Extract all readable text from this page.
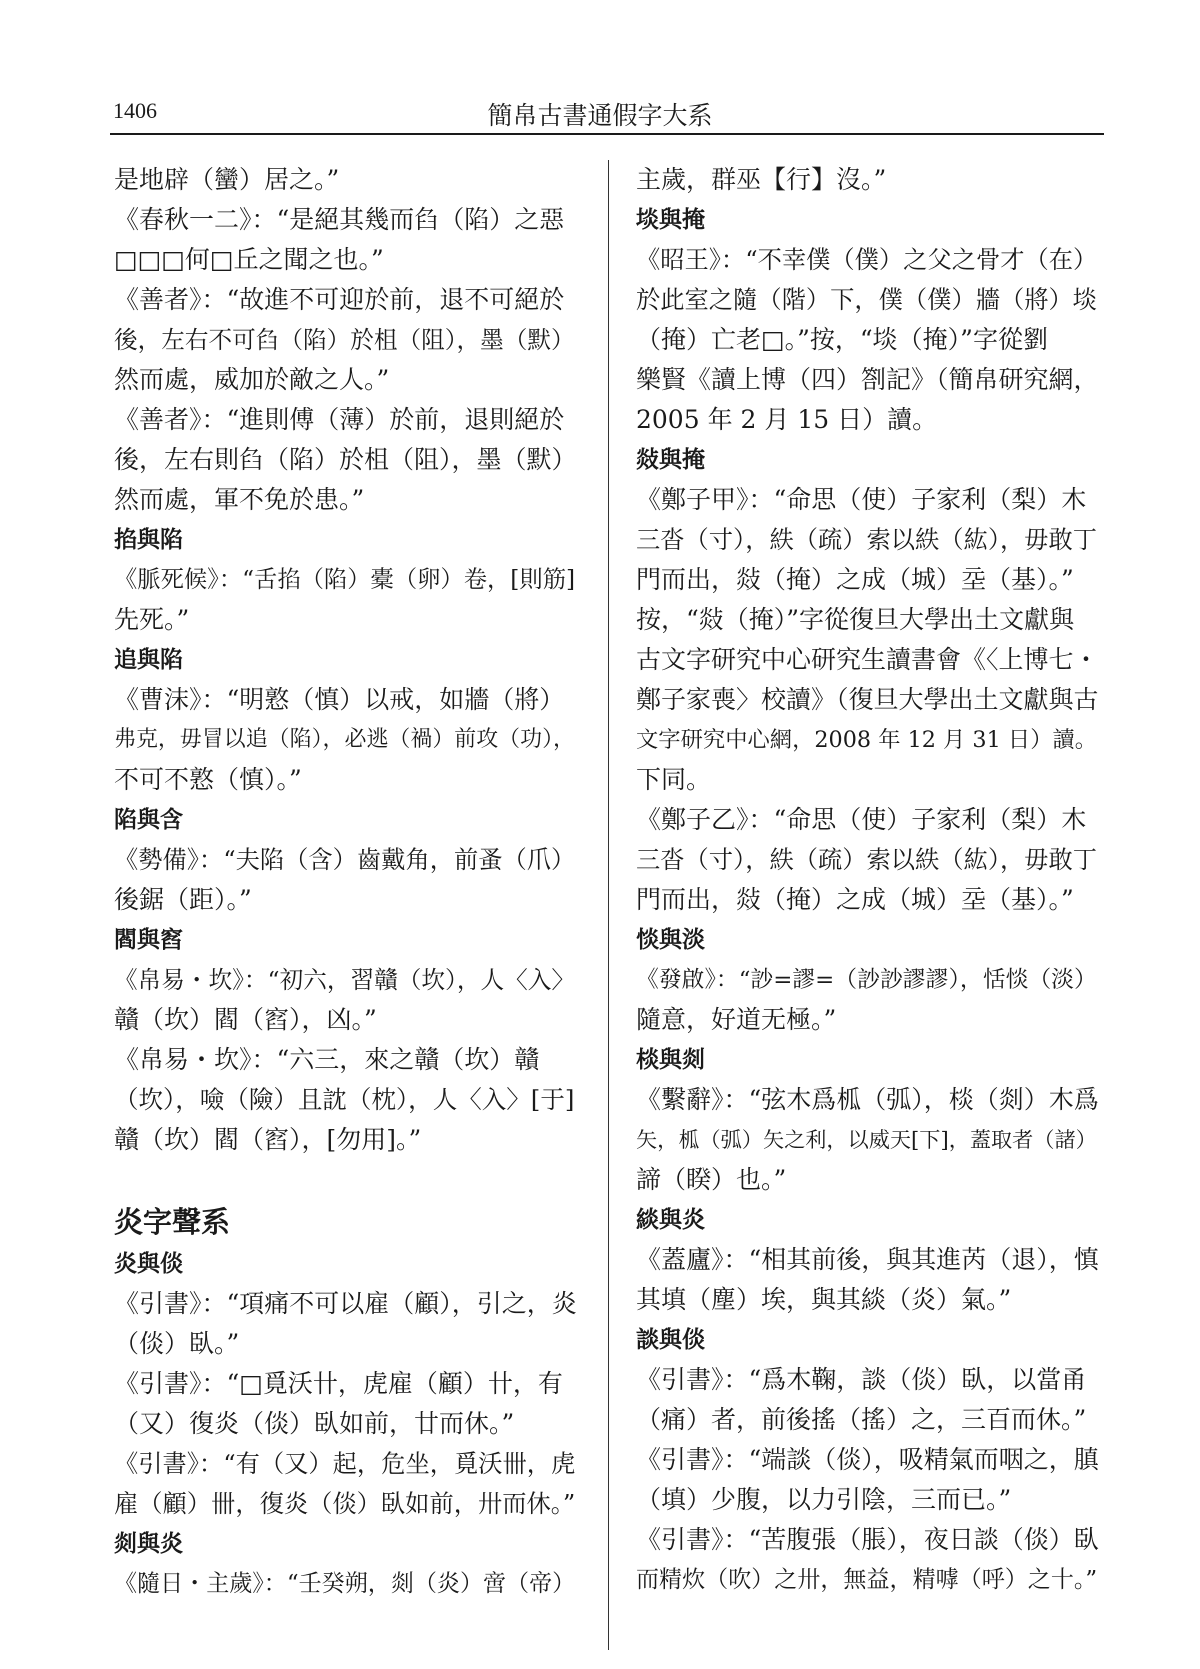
1406	簡帛古書通假字大系
是地辟（蠻）居之。”
《春秋一二》：“是絕其幾而臽（陷）之惡
□□□何□丘之聞之也。”
《善者》：“故進不可迎於前，退不可絕於
後，左右不可臽（陷）於柤（阻），墨（默）
然而處，威加於敵之人。”
《善者》：“進則傅（薄）於前，退則絕於
後，左右則臽（陷）於柤（阻），墨（默）
然而處，軍不免於患。”
掐與陷
《脈死候》：“舌掐（陷）橐（卵）卷，[則筋]
先死。”
追與陷
《曹沫》：“明憝（慎）以戒，如牆（將）
弗克，毋冒以追（陷），必逃（禍）前攻（功），
不可不憝（慎）。”
陷與含
《勢備》：“夫陷（含）齒戴角，前蚤（爪）
後鋸（距）。”
閻與窞
《帛易・坎》：“初六，習贛（坎），人〈入〉
贛（坎）閻（窞），凶。”
《帛易・坎》：“六三，來之贛（坎）贛
（坎），噞（險）且訦（枕），人〈入〉[于]
贛（坎）閻（窞），[勿用]。”
炎字聲系
炎與倓
《引書》：“項痛不可以雇（顧），引之，炎
（倓）臥。”
《引書》：“□覓沃卄，虎雇（顧）卄，有
（又）復炎（倓）臥如前，廿而休。”
《引書》：“有（又）起，危坐，覓沃卌，虎
雇（顧）卌，復炎（倓）臥如前，卅而休。”
剡與炎
《隨日・主歲》：“壬癸朔，剡（炎）啻（帝）
主歲，群巫【行】沒。”
埮與掩
《昭王》：“不幸僕（僕）之父之骨才（在）
於此室之隨（階）下，僕（僕）牆（將）埮
（掩）亡老□。”按，“埮（掩）”字從劉
樂賢《讀上博（四）劄記》（簡帛研究網，
2005 年 2 月 15 日）讀。
敥與掩
《鄭子甲》：“命思（使）子家利（梨）木
三沓（寸），紩（疏）索以紩（紘），毋敢丁
門而出，敥（掩）之成（城）坖（基）。”
按，“敥（掩）”字從復旦大學出土文獻與
古文字研究中心研究生讀書會《〈上博七・
鄭子家喪〉校讀》（復旦大學出土文獻與古
文字研究中心網，2008 年 12 月 31 日）讀。
下同。
《鄭子乙》：“命思（使）子家利（梨）木
三沓（寸），紩（疏）索以紩（紘），毋敢丁
門而出，敥（掩）之成（城）坖（基）。”
惔與淡
《發啟》：“訬=謬=（訬訬謬謬），恬惔（淡）
隨意，好道无極。”
棪與剡
《繫辭》：“弦木爲柧（弧），棪（剡）木爲
矢，柧（弧）矢之利，以威天[下]，蓋取者（諸）
諦（睽）也。”
緂與炎
《蓋廬》：“相其前後，與其進芮（退），慎
其填（塵）埃，與其緂（炎）氣。”
談與倓
《引書》：“爲木鞠，談（倓）臥，以當甬
（痛）者，前後搖（搖）之，三百而休。”
《引書》：“端談（倓），吸精氣而咽之，䐜
（填）少腹，以力引陰，三而已。”
《引書》：“苦腹張（脹），夜日談（倓）臥
而精炊（吹）之卅，無益，精嘑（呼）之十。”
